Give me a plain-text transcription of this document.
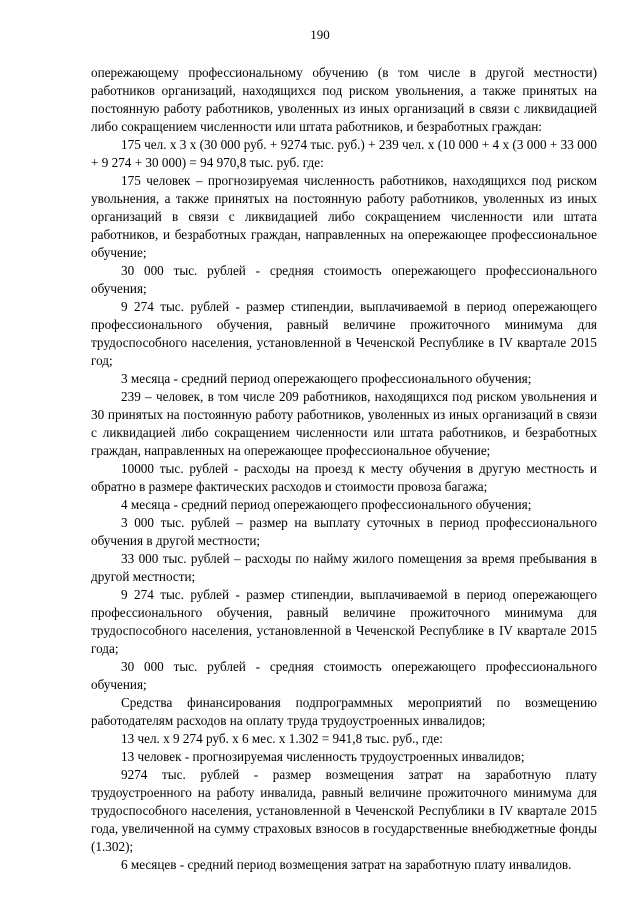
190

опережающему профессиональному обучению (в том числе в другой местности) работников организаций, находящихся под риском увольнения, а также принятых на постоянную работу работников, уволенных из иных организаций в связи с ликвидацией либо сокращением численности или штата работников, и безработных граждан:

175 чел. х 3 х (30 000 руб. + 9274 тыс. руб.) + 239 чел. х (10 000 + 4 х (3 000 + 33 000 + 9 274 + 30 000) = 94 970,8 тыс. руб. где:

175 человек – прогнозируемая численность работников, находящихся под риском увольнения, а также принятых на постоянную работу работников, уволенных из иных организаций в связи с ликвидацией либо сокращением численности или штата работников, и безработных граждан, направленных на опережающее профессиональное обучение;

30 000 тыс. рублей - средняя стоимость опережающего профессионального обучения;

9 274 тыс. рублей - размер стипендии, выплачиваемой в период опережающего профессионального обучения, равный величине прожиточного минимума для трудоспособного населения, установленной в Чеченской Республике в IV квартале 2015 год;

3 месяца - средний период опережающего профессионального обучения;

239 – человек, в том числе 209 работников, находящихся под риском увольнения и 30 принятых на постоянную работу работников, уволенных из иных организаций в связи с ликвидацией либо сокращением численности или штата работников, и безработных граждан, направленных на опережающее профессиональное обучение;

10000 тыс. рублей - расходы на проезд к месту обучения в другую местность и обратно в размере фактических расходов и стоимости провоза багажа;

4 месяца - средний период опережающего профессионального обучения;

3 000 тыс. рублей – размер на выплату суточных в период профессионального обучения в другой местности;

33 000 тыс. рублей – расходы по найму жилого помещения за время пребывания в другой местности;

9 274 тыс. рублей - размер стипендии, выплачиваемой в период опережающего профессионального обучения, равный величине прожиточного минимума для трудоспособного населения, установленной в Чеченской Республике в IV квартале 2015 года;

30 000 тыс. рублей - средняя стоимость опережающего профессионального обучения;

Средства финансирования подпрограммных мероприятий по возмещению работодателям расходов на оплату труда трудоустроенных инвалидов;

13 чел. х 9 274 руб. х 6 мес. х 1.302 = 941,8 тыс. руб., где:

13 человек - прогнозируемая численность трудоустроенных инвалидов;

9274 тыс. рублей - размер возмещения затрат на заработную плату трудоустроенного на работу инвалида, равный величине прожиточного минимума для трудоспособного населения, установленной в Чеченской Республики в IV квартале 2015 года, увеличенной на сумму страховых взносов в государственные внебюджетные фонды (1.302);

6 месяцев - средний период возмещения затрат на заработную плату инвалидов.
